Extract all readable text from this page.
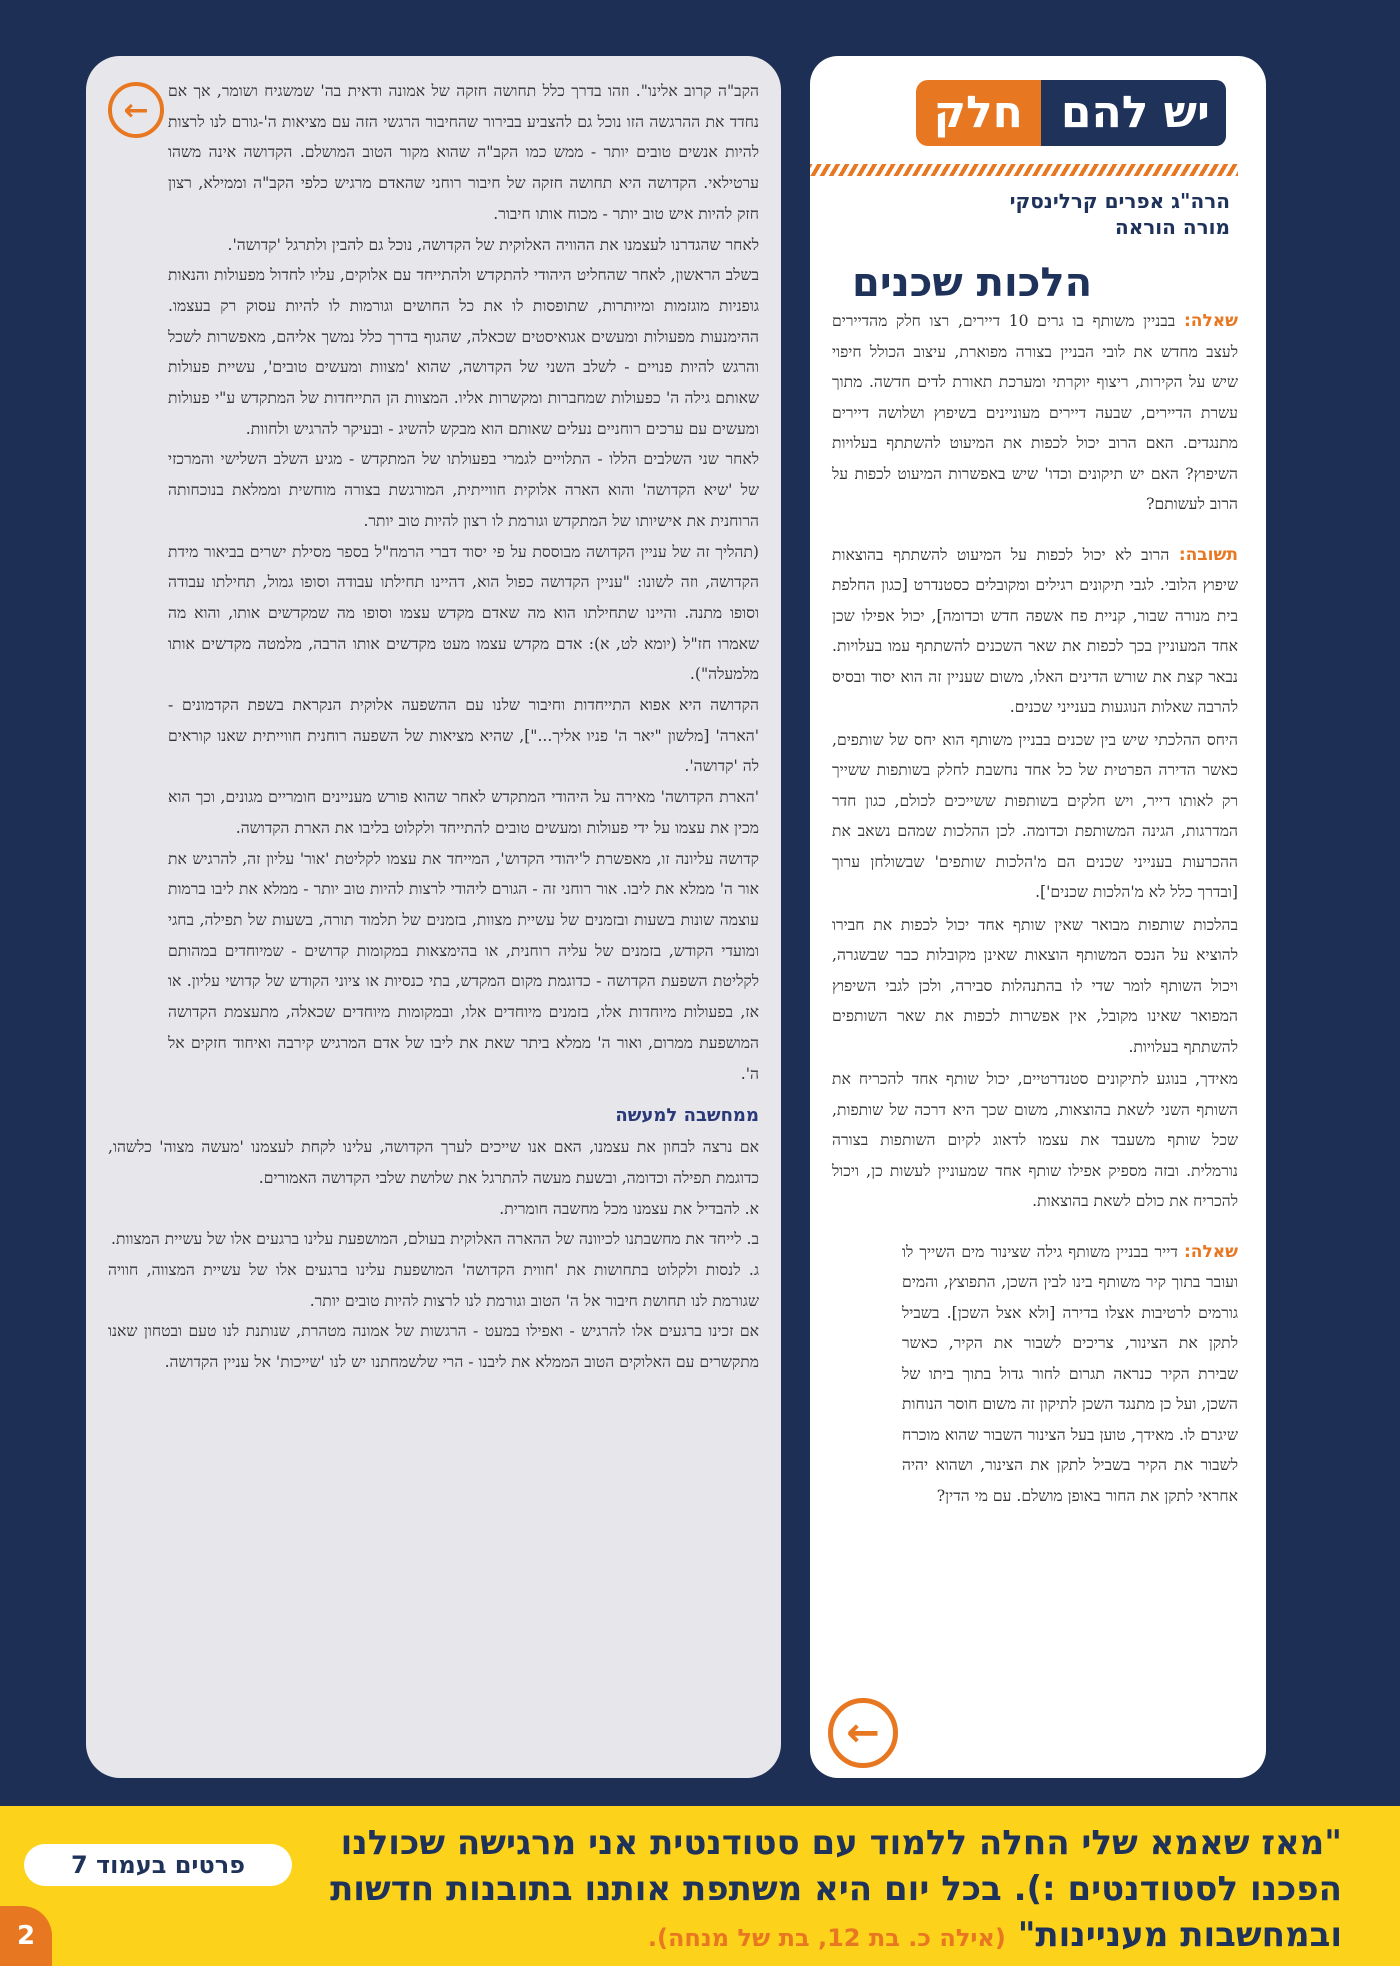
←

הקב"ה קרוב אלינו". וזהו בדרך כלל תחושה חזקה של אמונה ודאית בה' שמשגיח ושומר, אך אם נחדד את ההרגשה הזו נוכל גם להצביע בבירור שהחיבור הרגשי הזה עם מציאות ה'-גורם לנו לרצות להיות אנשים טובים יותר - ממש כמו הקב"ה שהוא מקור הטוב המושלם. הקדושה אינה משהו ערטילאי. הקדושה היא תחושה חזקה של חיבור רוחני שהאדם מרגיש כלפי הקב"ה וממילא, רצון חזק להיות איש טוב יותר - מכוח אותו חיבור.

לאחר שהגדרנו לעצמנו את ההוויה האלוקית של הקדושה, נוכל גם להבין ולתרגל 'קדושה'.

בשלב הראשון, לאחר שהחליט היהודי להתקדש ולהתייחד עם אלוקים, עליו לחדול מפעולות והנאות גופניות מוגזמות ומיותרות, שתופסות לו את כל החושים וגורמות לו להיות עסוק רק בעצמו. ההימנעות מפעולות ומעשים אגואיסטים שכאלה, שהגוף בדרך כלל נמשך אליהם, מאפשרות לשכל והרגש להיות פנויים - לשלב השני של הקדושה, שהוא 'מצוות ומעשים טובים', עשיית פעולות שאותם גילה ה' כפעולות שמחברות ומקשרות אליו. המצוות הן התייחדות של המתקדש ע"י פעולות ומעשים עם ערכים רוחניים נעלים שאותם הוא מבקש להשיג - ובעיקר להרגיש ולחוות.

לאחר שני השלבים הללו - התלויים לגמרי בפעולתו של המתקדש - מגיע השלב השלישי והמרכזי של 'שיא הקדושה' והוא הארה אלוקית חווייתית, המורגשת בצורה מוחשית וממלאת בנוכחותה הרוחנית את אישיותו של המתקדש וגורמת לו רצון להיות טוב יותר.

(תהליך זה של עניין הקדושה מבוססת על פי יסוד דברי הרמח"ל בספר מסילת ישרים בביאור מידת הקדושה, וזה לשונו: "עניין הקדושה כפול הוא, דהיינו תחילתו עבודה וסופו גמול, תחילתו עבודה וסופו מתנה. והיינו שתחילתו הוא מה שאדם מקדש עצמו וסופו מה שמקדשים אותו, והוא מה שאמרו חז"ל (יומא לט, א): אדם מקדש עצמו מעט מקדשים אותו הרבה, מלמטה מקדשים אותו מלמעלה").

הקדושה היא אפוא התייחדות וחיבור שלנו עם ההשפעה אלוקית הנקראת בשפת הקדמונים - 'הארה' [מלשון "יאר ה' פניו אליך..."], שהיא מציאות של השפעה רוחנית חווייתית שאנו קוראים לה 'קדושה'.

'הארת הקדושה' מאירה על היהודי המתקדש לאחר שהוא פורש מעניינים חומריים מגונים, וכך הוא מכין את עצמו על ידי פעולות ומעשים טובים להתייחד ולקלוט בליבו את הארת הקדושה.

קדושה עליונה זו, מאפשרת ל'יהודי הקדוש', המייחד את עצמו לקליטת 'אור' עליון זה, להרגיש את אור ה' ממלא את ליבו. אור רוחני זה - הגורם ליהודי לרצות להיות טוב יותר - ממלא את ליבו ברמות עוצמה שונות בשעות ובזמנים של עשיית מצוות, בזמנים של תלמוד תורה, בשעות של תפילה, בחגי ומועדי הקודש, בזמנים של עליה רוחנית, או בהימצאות במקומות קדושים - שמיוחדים במהותם לקליטת השפעת הקדושה - כדוגמת מקום המקדש, בתי כנסיות או ציוני הקודש של קדושי עליון. או אז, בפעולות מיוחדות אלו, בזמנים מיוחדים אלו, ובמקומות מיוחדים שכאלה, מתעצמת הקדושה המושפעת ממרום, ואור ה' ממלא ביתר שאת את ליבו של אדם המרגיש קירבה ואיחוד חזקים אל ה'.

ממחשבה למעשה

אם נרצה לבחון את עצמנו, האם אנו שייכים לערך הקדושה, עלינו לקחת לעצמנו 'מעשה מצוה' כלשהו, כדוגמת תפילה וכדומה, ובשעת מעשה להתרגל את שלושת שלבי הקדושה האמורים.

א. להבדיל את עצמנו מכל מחשבה חומרית.

ב. לייחד את מחשבתנו לכיוונה של ההארה האלוקית בעולם, המושפעת עלינו ברגעים אלו של עשיית המצוות.

ג. לנסות ולקלוט בתחושות את 'חווית הקדושה' המושפעת עלינו ברגעים אלו של עשיית המצווה, חוויה שגורמת לנו תחושת חיבור אל ה' הטוב וגורמת לנו לרצות להיות טובים יותר.

אם זכינו ברגעים אלו להרגיש - ואפילו במעט - הרגשות של אמונה מטהרת, שנותנת לנו טעם ובטחון שאנו מתקשרים עם האלוקים הטוב הממלא את ליבנו - הרי שלשמחתנו יש לנו 'שייכות' אל עניין הקדושה.

יש להם
חלק
הרה"ג אפרים קרלינסקי
מורה הוראה
הלכות שכנים

שאלה: בבניין משותף בו גרים 10 דיירים, רצו חלק מהדיירים לעצב מחדש את לובי הבניין בצורה מפוארת, עיצוב הכולל חיפוי שיש על הקירות, ריצוף יוקרתי ומערכת תאורת לדים חדשה. מתוך עשרת הדיירים, שבעה דיירים מעוניינים בשיפוץ ושלושה דיירים מתנגדים. האם הרוב יכול לכפות את המיעוט להשתתף בעלויות השיפוץ? האם יש תיקונים וכדו' שיש באפשרות המיעוט לכפות על הרוב לעשותם?

תשובה: הרוב לא יכול לכפות על המיעוט להשתתף בהוצאות שיפוץ הלובי. לגבי תיקונים רגילים ומקובלים כסטנדרט [כגון החלפת בית מנורה שבור, קניית פח אשפה חדש וכדומה], יכול אפילו שכן אחד המעוניין בכך לכפות את שאר השכנים להשתתף עמו בעלויות. נבאר קצת את שורש הדינים האלו, משום שעניין זה הוא יסוד ובסיס להרבה שאלות הנוגעות בענייני שכנים.

היחס ההלכתי שיש בין שכנים בבניין משותף הוא יחס של שותפים, כאשר הדירה הפרטית של כל אחד נחשבת לחלק בשותפות ששייך רק לאותו דייר, ויש חלקים בשותפות ששייכים לכולם, כגון חדר המדרגות, הגינה המשותפת וכדומה. לכן ההלכות שמהם נשאב את ההכרעות בענייני שכנים הם מ'הלכות שותפים' שבשולחן ערוך [ובדרך כלל לא מ'הלכות שכנים'].

בהלכות שותפות מבואר שאין שותף אחד יכול לכפות את חבירו להוציא על הנכס המשותף הוצאות שאינן מקובלות כבר שבשגרה, ויכול השותף לומר שדי לו בהתנהלות סבירה, ולכן לגבי השיפוץ המפואר שאינו מקובל, אין אפשרות לכפות את שאר השותפים להשתתף בעלויות.

מאידך, בנוגע לתיקונים סטנדרטיים, יכול שותף אחד להכריח את השותף השני לשאת בהוצאות, משום שכך היא דרכה של שותפות, שכל שותף משעבד את עצמו לדאוג לקיום השותפות בצורה נורמלית. ובזה מספיק אפילו שותף אחד שמעוניין לעשות כן, ויכול להכריח את כולם לשאת בהוצאות.

שאלה: דייר בבניין משותף גילה שצינור מים השייך לו ועובר בתוך קיר משותף בינו לבין השכן, התפוצץ, והמים גורמים לרטיבות אצלו בדירה [ולא אצל השכן]. בשביל לתקן את הצינור, צריכים לשבור את הקיר, כאשר שבירת הקיר כנראה תגרום לחור גדול בתוך ביתו של השכן, ועל כן מתנגד השכן לתיקון זה משום חוסר הנוחות שיגרם לו. מאידך, טוען בעל הצינור השבור שהוא מוכרח לשבור את הקיר בשביל לתקן את הצינור, ושהוא יהיה אחראי לתקן את החור באופן מושלם. עם מי הדין?

←
"מאז שאמא שלי החלה ללמוד עם סטודנטית אני מרגישה שכולנו הפכנו לסטודנטים :). בכל יום היא משתפת אותנו בתובנות חדשות ובמחשבות מעניינות" (אילה כ. בת 12, בת של מנחה).
פרטים בעמוד 7
2
